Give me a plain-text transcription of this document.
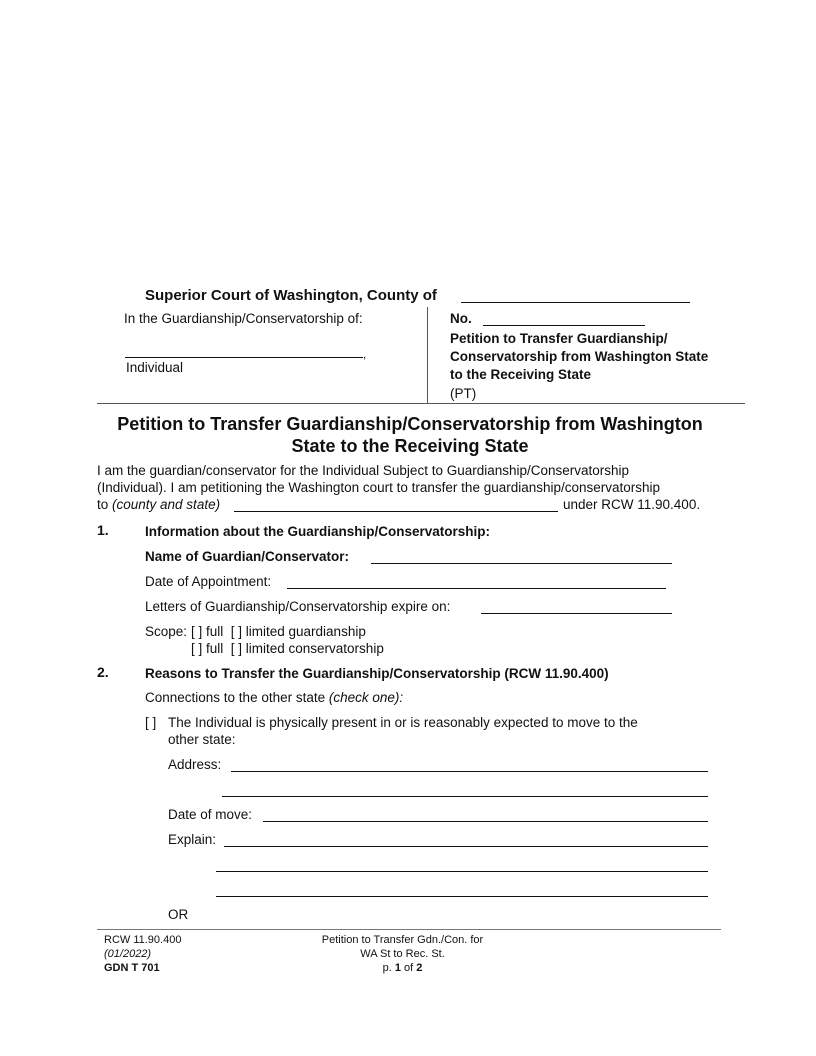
Superior Court of Washington, County of
In the Guardianship/Conservatorship of:
,
Individual
No.
Petition to Transfer Guardianship/ Conservatorship from Washington State to the Receiving State
(PT)
Petition to Transfer Guardianship/Conservatorship from Washington
State to the Receiving State
I am the guardian/conservator for the Individual Subject to Guardianship/Conservatorship
(Individual). I am petitioning the Washington court to transfer the guardianship/conservatorship
to (county and state)	under RCW 11.90.400.
1.	Information about the Guardianship/Conservatorship:
Name of Guardian/Conservator:
Date of Appointment:
Letters of Guardianship/Conservatorship expire on:
Scope: [ ] full  [ ] limited guardianship
[ ] full  [ ] limited conservatorship
2.	Reasons to Transfer the Guardianship/Conservatorship (RCW 11.90.400)
Connections to the other state (check one):
[ ] The Individual is physically present in or is reasonably expected to move to the
other state:
Address:
Date of move:
Explain:
OR
RCW 11.90.400
(01/2022)
GDN T 701
Petition to Transfer Gdn./Con. for
WA St to Rec. St.
p. 1 of 2
